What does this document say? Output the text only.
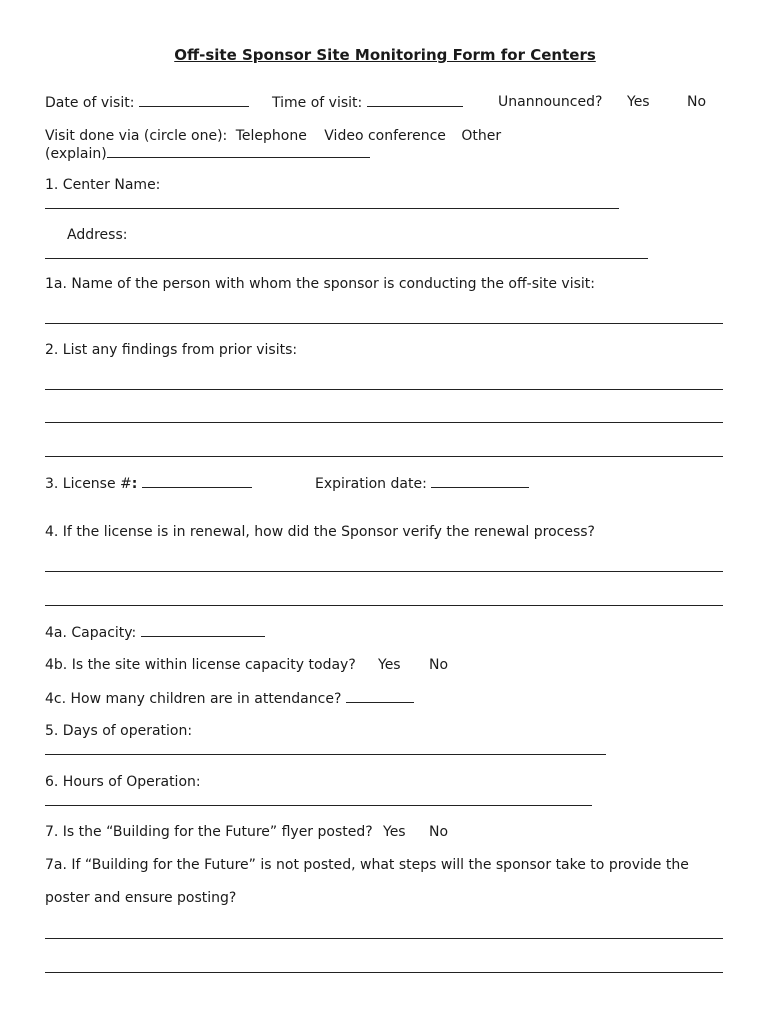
Off-site Sponsor Site Monitoring Form for Centers
Date of visit:	Time of visit:	Unannounced? Yes	No
Visit done via (circle one): Telephone Video conference Other
(explain)
1. Center Name:
Address:
1a. Name of the person with whom the sponsor is conducting the off-site visit:
2. List any findings from prior visits:
3. License #:	Expiration date:
4. If the license is in renewal, how did the Sponsor verify the renewal process?
4a. Capacity:
4b. Is the site within license capacity today? Yes No
4c. How many children are in attendance?
5. Days of operation:
6. Hours of Operation:
7. Is the “Building for the Future” flyer posted? Yes No
7a. If “Building for the Future” is not posted, what steps will the sponsor take to provide the
poster and ensure posting?
